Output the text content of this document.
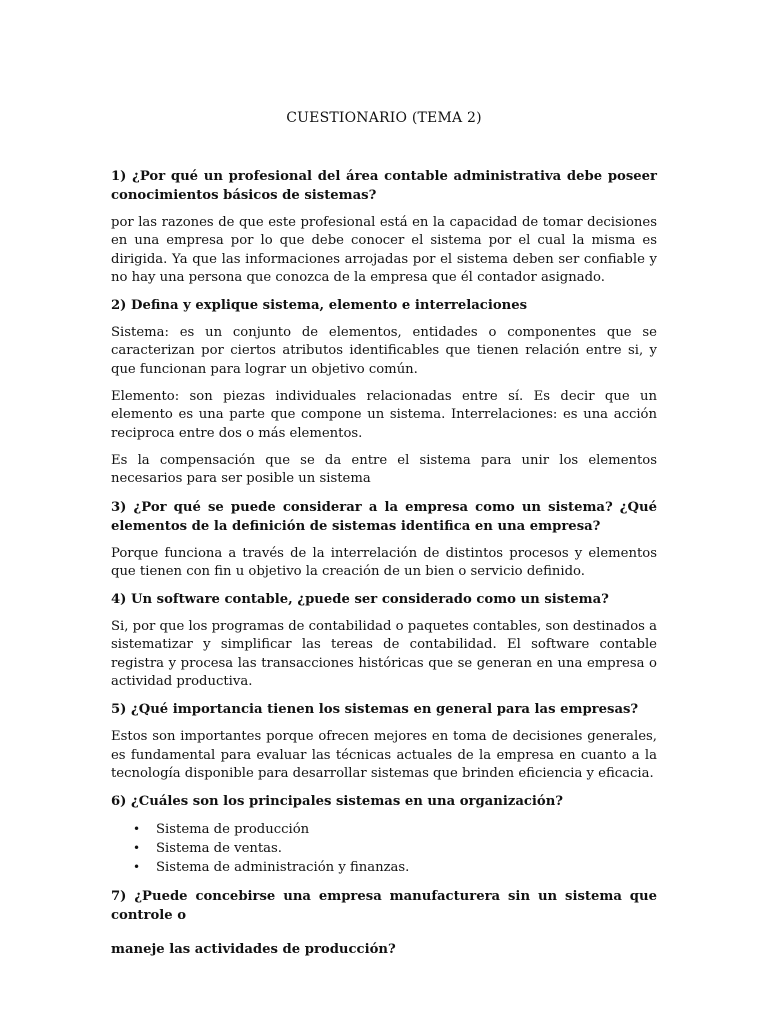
CUESTIONARIO (TEMA 2)

1) ¿Por qué un profesional del área contable administrativa debe poseer conocimientos básicos de sistemas?

por las razones de que este profesional está en la capacidad de tomar decisiones en una empresa por lo que debe conocer el sistema por el cual la misma es dirigida. Ya que las informaciones arrojadas por el sistema deben ser confiable y no hay una persona que conozca de la empresa que él contador asignado.

2) Defina y explique sistema, elemento e interrelaciones

Sistema: es un conjunto de elementos, entidades o componentes que se caracterizan por ciertos atributos identificables que tienen relación entre si, y que funcionan para lograr un objetivo común.

Elemento: son piezas individuales relacionadas entre sí. Es decir que un elemento es una parte que compone un sistema. Interrelaciones: es una acción reciproca entre dos o más elementos.

Es la compensación que se da entre el sistema para unir los elementos necesarios para ser posible un sistema

3) ¿Por qué se puede considerar a la empresa como un sistema? ¿Qué elementos de la definición de sistemas identifica en una empresa?

Porque funciona a través de la interrelación de distintos procesos y elementos que tienen con fin u objetivo la creación de un bien o servicio definido.

4) Un software contable, ¿puede ser considerado como un sistema?

Si, por que los programas de contabilidad o paquetes contables, son destinados a sistematizar y simplificar las tereas de contabilidad. El software contable registra y procesa las transacciones históricas que se generan en una empresa o actividad productiva.

5) ¿Qué importancia tienen los sistemas en general para las empresas?

Estos son importantes porque ofrecen mejores en toma de decisiones generales, es fundamental para evaluar las técnicas actuales de la empresa en cuanto a la tecnología disponible para desarrollar sistemas que brinden eficiencia y eficacia.

6) ¿Cuáles son los principales sistemas en una organización?

• Sistema de producción
• Sistema de ventas.
• Sistema de administración y finanzas.

7) ¿Puede concebirse una empresa manufacturera sin un sistema que controle o

maneje las actividades de producción?
